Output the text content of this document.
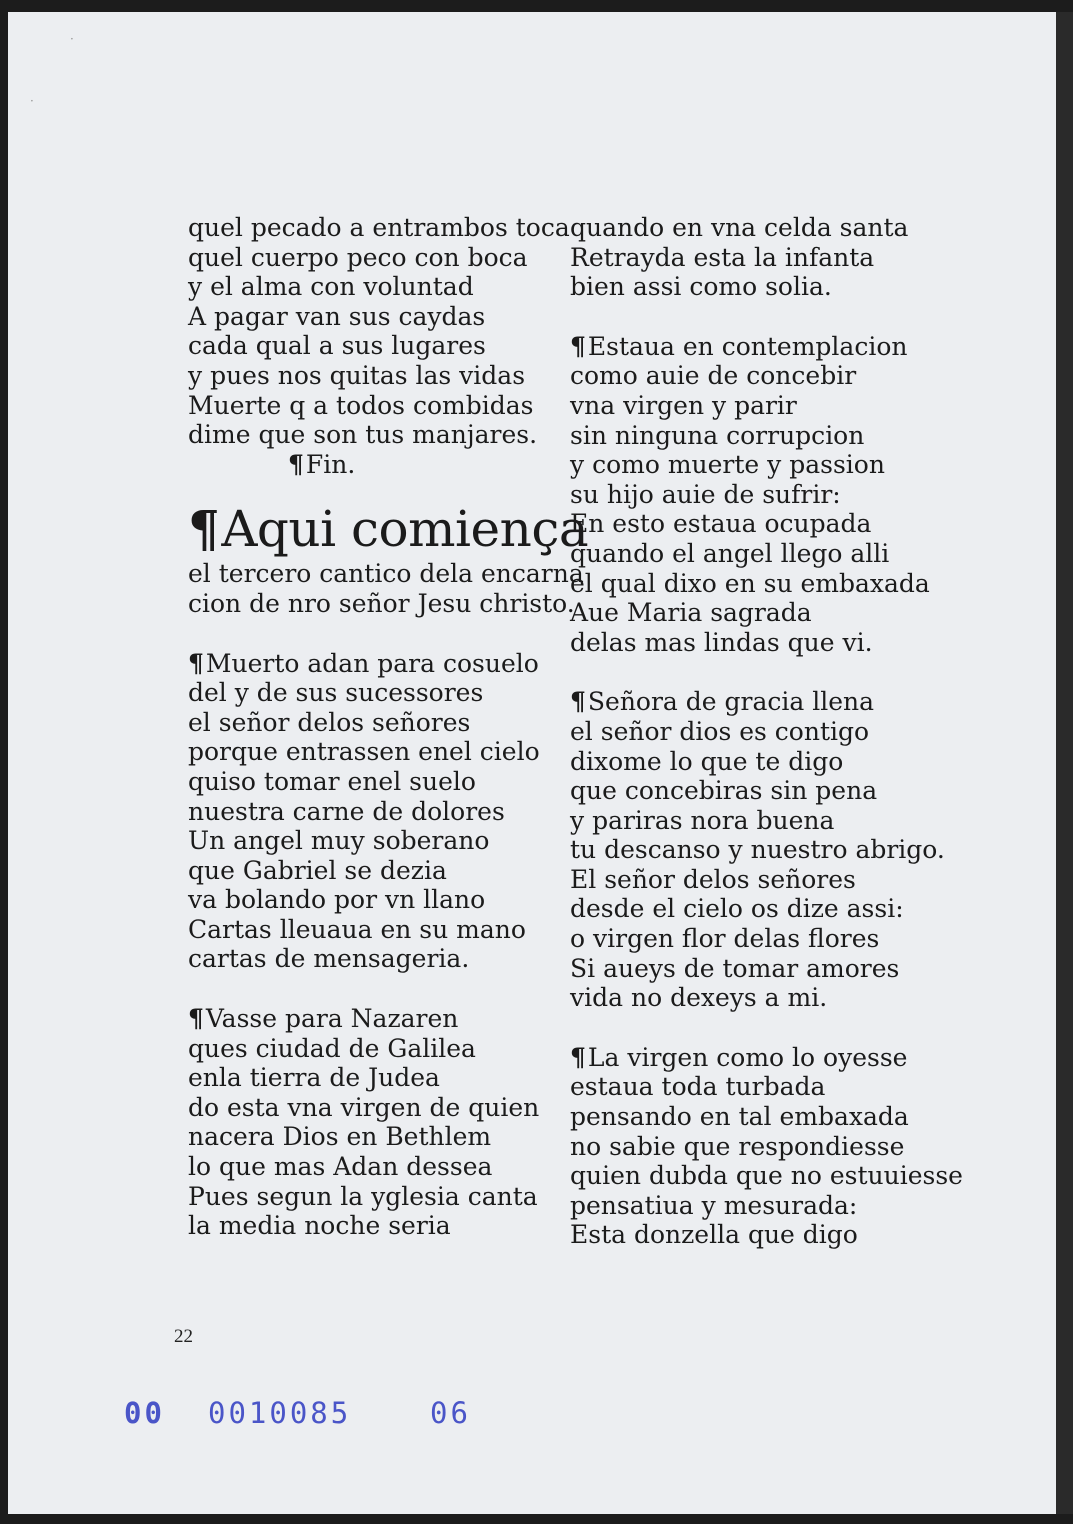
·
·
quel pecado a entrambos toca
quel cuerpo peco con boca
y el alma con voluntad
A pagar van sus caydas
cada qual a sus lugares
y pues nos quitas las vidas
Muerte q a todos combidas
dime que son tus manjares.
¶Fin.
¶Aqui comiença
el tercero cantico dela encarna
cion de nro señor Jesu christo.
¶Muerto adan para cosuelo
del y de sus sucessores
el señor delos señores
porque entrassen enel cielo
quiso tomar enel suelo
nuestra carne de dolores
Un angel muy soberano
que Gabriel se dezia
va bolando por vn llano
Cartas lleuaua en su mano
cartas de mensageria.
¶Vasse para Nazaren
ques ciudad de Galilea
enla tierra de Judea
do esta vna virgen de quien
nacera Dios en Bethlem
lo que mas Adan dessea
Pues segun la yglesia canta
la media noche seria
quando en vna celda santa
Retrayda esta la infanta
bien assi como solia.
¶Estaua en contemplacion
como auie de concebir
vna virgen y parir
sin ninguna corrupcion
y como muerte y passion
su hijo auie de sufrir:
En esto estaua ocupada
quando el angel llego alli
el qual dixo en su embaxada
Aue Maria sagrada
delas mas lindas que vi.
¶Señora de gracia llena
el señor dios es contigo
dixome lo que te digo
que concebiras sin pena
y pariras nora buena
tu descanso y nuestro abrigo.
El señor delos señores
desde el cielo os dize assi:
o virgen flor delas flores
Si aueys de tomar amores
vida no dexeys a mi.
¶La virgen como lo oyesse
estaua toda turbada
pensando en tal embaxada
no sabie que respondiesse
quien dubda que no estuuiesse
pensatiua y mesurada:
Esta donzella que digo
22
00 0010085	06
